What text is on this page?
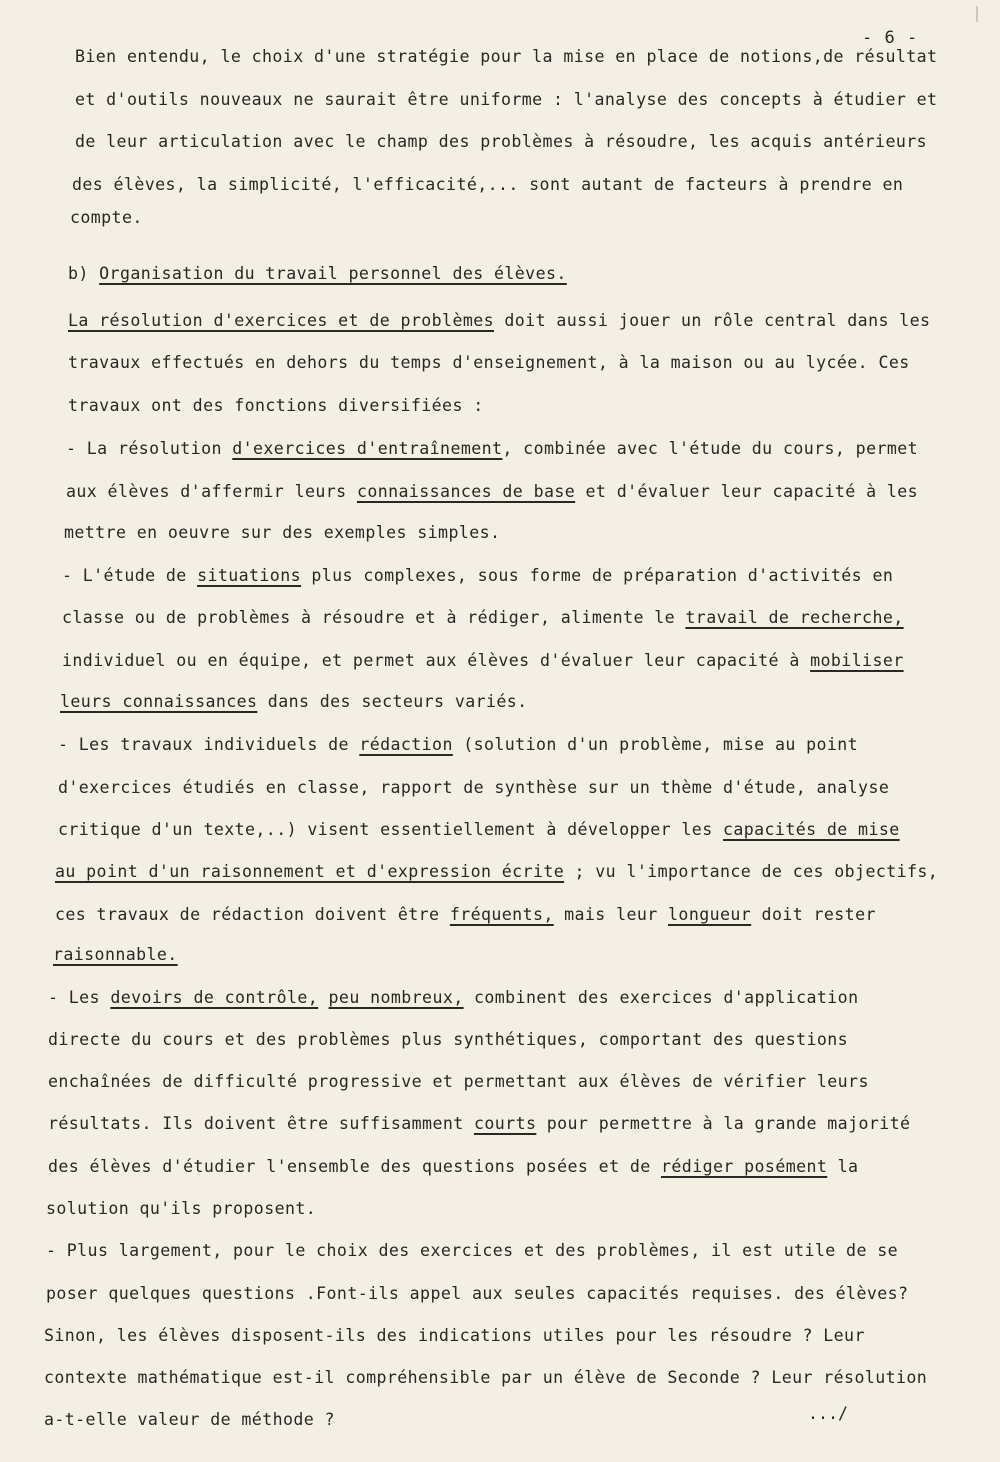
- 6 -
Bien entendu, le choix d'une stratégie pour la mise en place de notions,de résultat
et d'outils nouveaux ne saurait être uniforme : l'analyse des concepts à étudier et
de leur articulation avec le champ des problèmes à résoudre, les acquis antérieurs
des élèves, la simplicité, l'efficacité,... sont autant de facteurs à prendre en
compte.
b) Organisation du travail personnel des élèves.
La résolution d'exercices et de problèmes doit aussi jouer un rôle central dans les
travaux effectués en dehors du temps d'enseignement, à la maison ou au lycée. Ces
travaux ont des fonctions diversifiées :
- La résolution d'exercices d'entraînement, combinée avec l'étude du cours, permet
aux élèves d'affermir leurs connaissances de base et d'évaluer leur capacité à les
mettre en oeuvre sur des exemples simples.
- L'étude de situations plus complexes, sous forme de préparation d'activités en
classe ou de problèmes à résoudre et à rédiger, alimente le travail de recherche,
individuel ou en équipe, et permet aux élèves d'évaluer leur capacité à mobiliser
leurs connaissances dans des secteurs variés.
- Les travaux individuels de rédaction (solution d'un problème, mise au point
d'exercices étudiés en classe, rapport de synthèse sur un thème d'étude, analyse
critique d'un texte,..) visent essentiellement à développer les capacités de mise
au point d'un raisonnement et d'expression écrite ; vu l'importance de ces objectifs,
ces travaux de rédaction doivent être fréquents, mais leur longueur doit rester
raisonnable.
- Les devoirs de contrôle, peu nombreux, combinent des exercices d'application
directe du cours et des problèmes plus synthétiques, comportant des questions
enchaînées de difficulté progressive et permettant aux élèves de vérifier leurs
résultats. Ils doivent être suffisamment courts pour permettre à la grande majorité
des élèves d'étudier l'ensemble des questions posées et de rédiger posément la
solution qu'ils proposent.
- Plus largement, pour le choix des exercices et des problèmes, il est utile de se
poser quelques questions .Font-ils appel aux seules capacités requises. des élèves?
Sinon, les élèves disposent-ils des indications utiles pour les résoudre ? Leur
contexte mathématique est-il compréhensible par un élève de Seconde ? Leur résolution
a-t-elle valeur de méthode ?	.../
